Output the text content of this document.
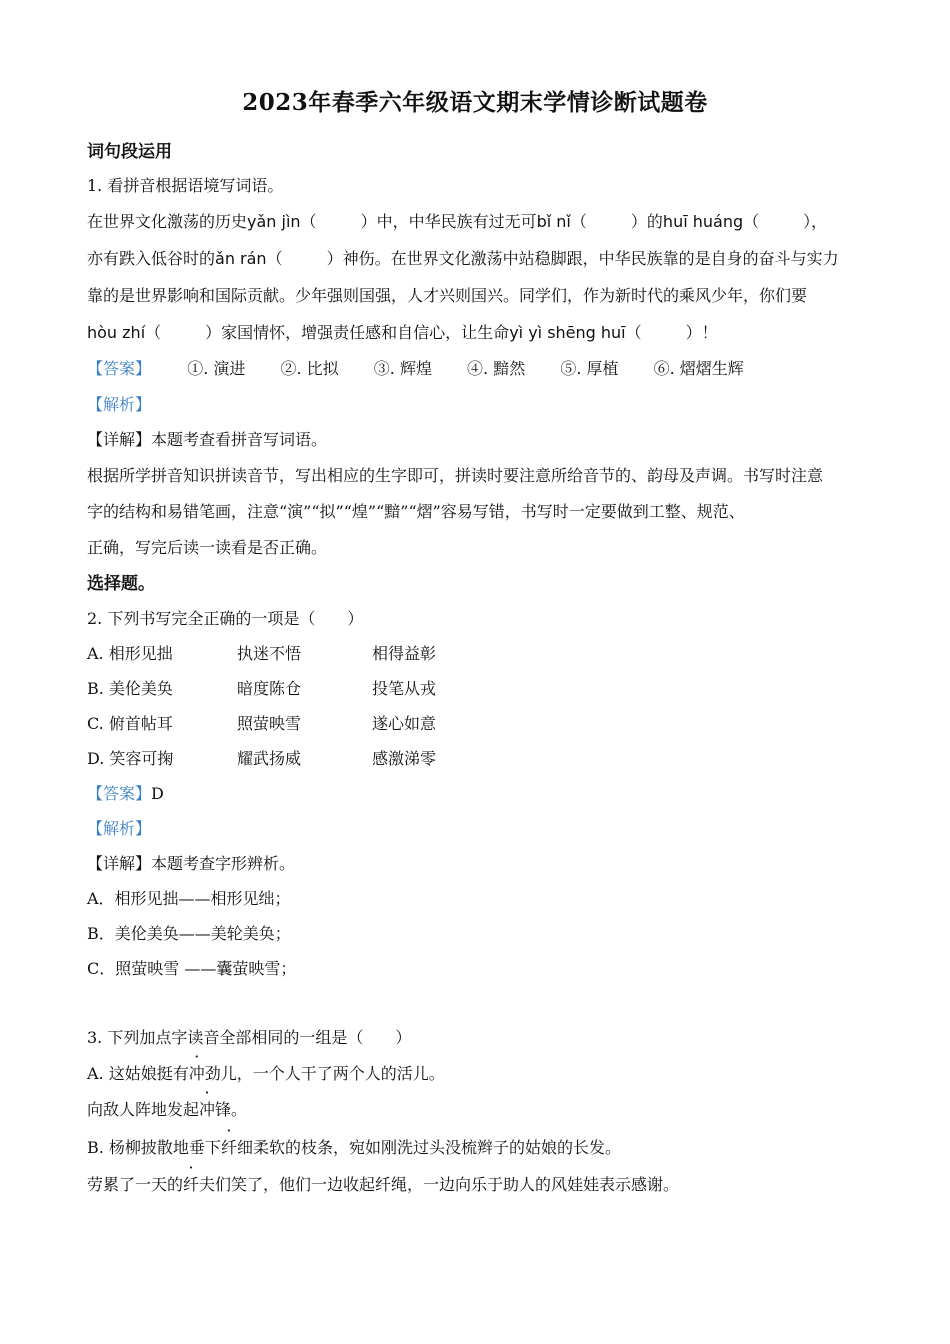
2023年春季六年级语文期末学情诊断试题卷
词句段运用
1. 看拼音根据语境写词语。
在世界文化激荡的历史yǎn jìn（	）中，中华民族有过无可bǐ nǐ（	）的huī huáng（	），
亦有跌入低谷时的ǎn rán（	）神伤。在世界文化激荡中站稳脚跟，中华民族靠的是自身的奋斗与实力
靠的是世界影响和国际贡献。少年强则国强，人才兴则国兴。同学们，作为新时代的乘风少年，你们要
hòu zhí（	）家国情怀，增强责任感和自信心，让生命yì yì shēng huī（	）！
【答案】 ①. 演进 ②. 比拟 ③. 辉煌 ④. 黯然 ⑤. 厚植 ⑥. 熠熠生辉
【解析】
【详解】本题考查看拼音写词语。
根据所学拼音知识拼读音节，写出相应的生字即可，拼读时要注意所给音节的、韵母及声调。书写时注意
字的结构和易错笔画，注意“演”“拟”“煌”“黯”“熠”容易写错，书写时一定要做到工整、规范、
正确，写完后读一读看是否正确。
选择题。
2. 下列书写完全正确的一项是（　　）
A. 相形见拙	执迷不悟	相得益彰
B. 美伦美奂	暗度陈仓	投笔从戎
C. 俯首帖耳	照萤映雪	遂心如意
D. 笑容可掬	耀武扬威	感激涕零
【答案】D
【解析】
【详解】本题考查字形辨析。
A．相形见拙——相形见绌；
B．美伦美奂——美轮美奂；
C．照萤映雪 ——囊萤映雪；
3. 下列加点字读音全部相同的一组是（　　）
A. 这姑娘挺有冲劲儿，一个人干了两个人的活儿。
向敌人阵地发起冲锋。
B. 杨柳披散地垂下纤细柔软的枝条，宛如刚洗过头没梳辫子的姑娘的长发。
劳累了一天的纤夫们笑了，他们一边收起纤绳，一边向乐于助人的风娃娃表示感谢。
